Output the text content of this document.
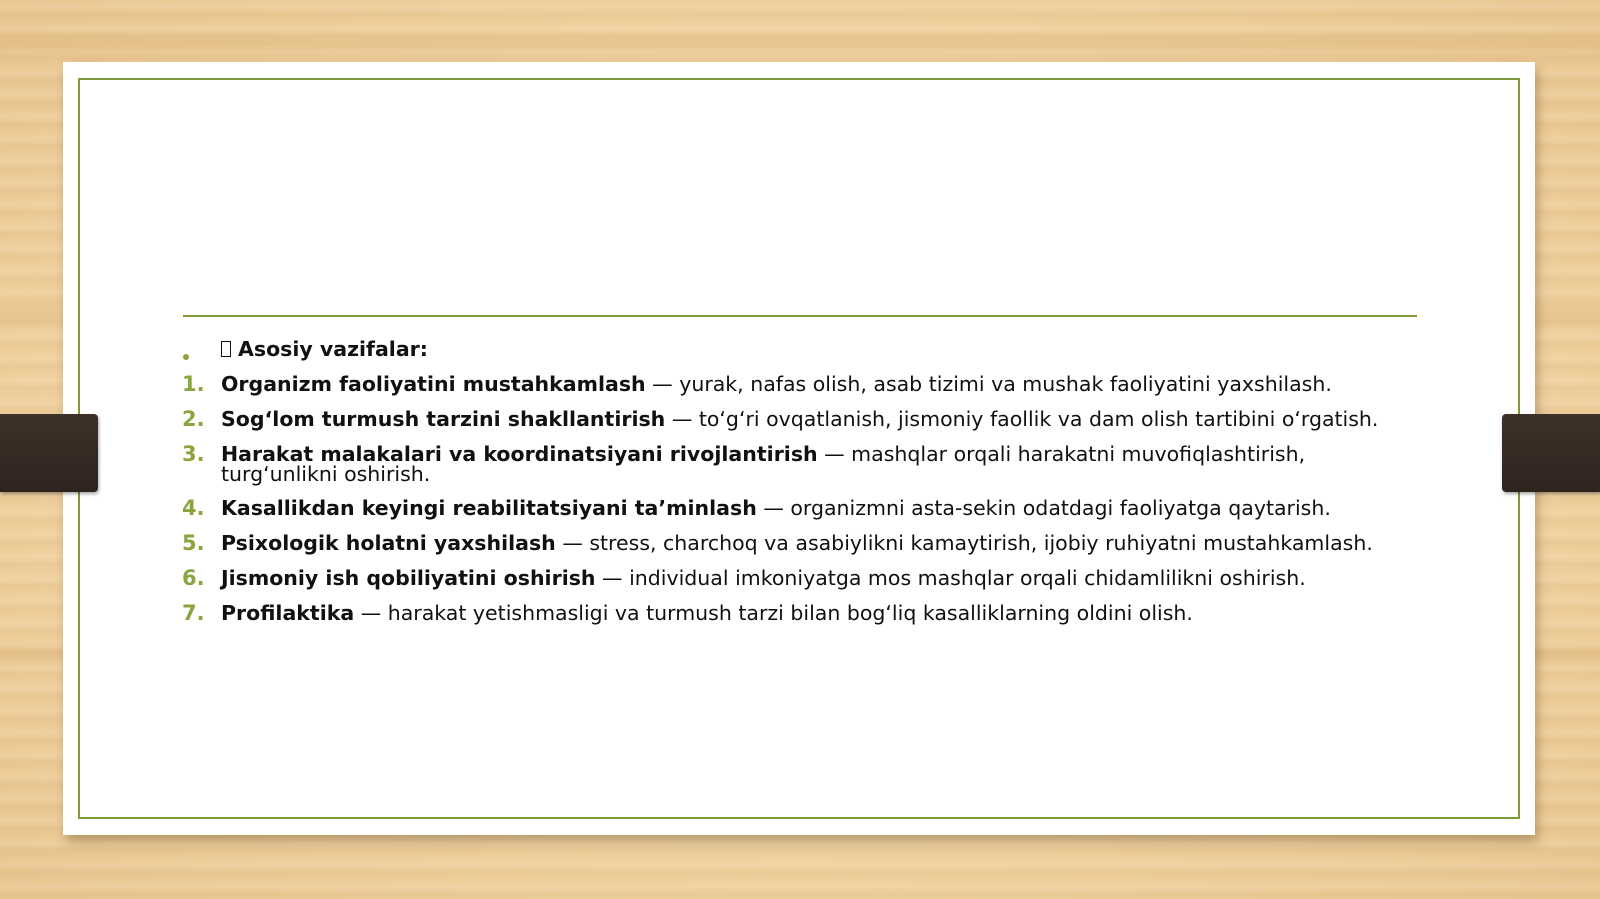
Asosiy vazifalar:
1. Organizm faoliyatini mustahkamlash — yurak, nafas olish, asab tizimi va mushak faoliyatini yaxshilash.
2. Sog‘lom turmush tarzini shakllantirish — to‘g‘ri ovqatlanish, jismoniy faollik va dam olish tartibini o‘rgatish.
3. Harakat malakalari va koordinatsiyani rivojlantirish — mashqlar orqali harakatni muvofiqlashtirish, turg‘unlikni oshirish.
4. Kasallikdan keyingi reabilitatsiyani ta’minlash — organizmni asta-sekin odatdagi faoliyatga qaytarish.
5. Psixologik holatni yaxshilash — stress, charchoq va asabiylikni kamaytirish, ijobiy ruhiyatni mustahkamlash.
6. Jismoniy ish qobiliyatini oshirish — individual imkoniyatga mos mashqlar orqali chidamlilikni oshirish.
7. Profilaktika — harakat yetishmasligi va turmush tarzi bilan bog‘liq kasalliklarning oldini olish.
